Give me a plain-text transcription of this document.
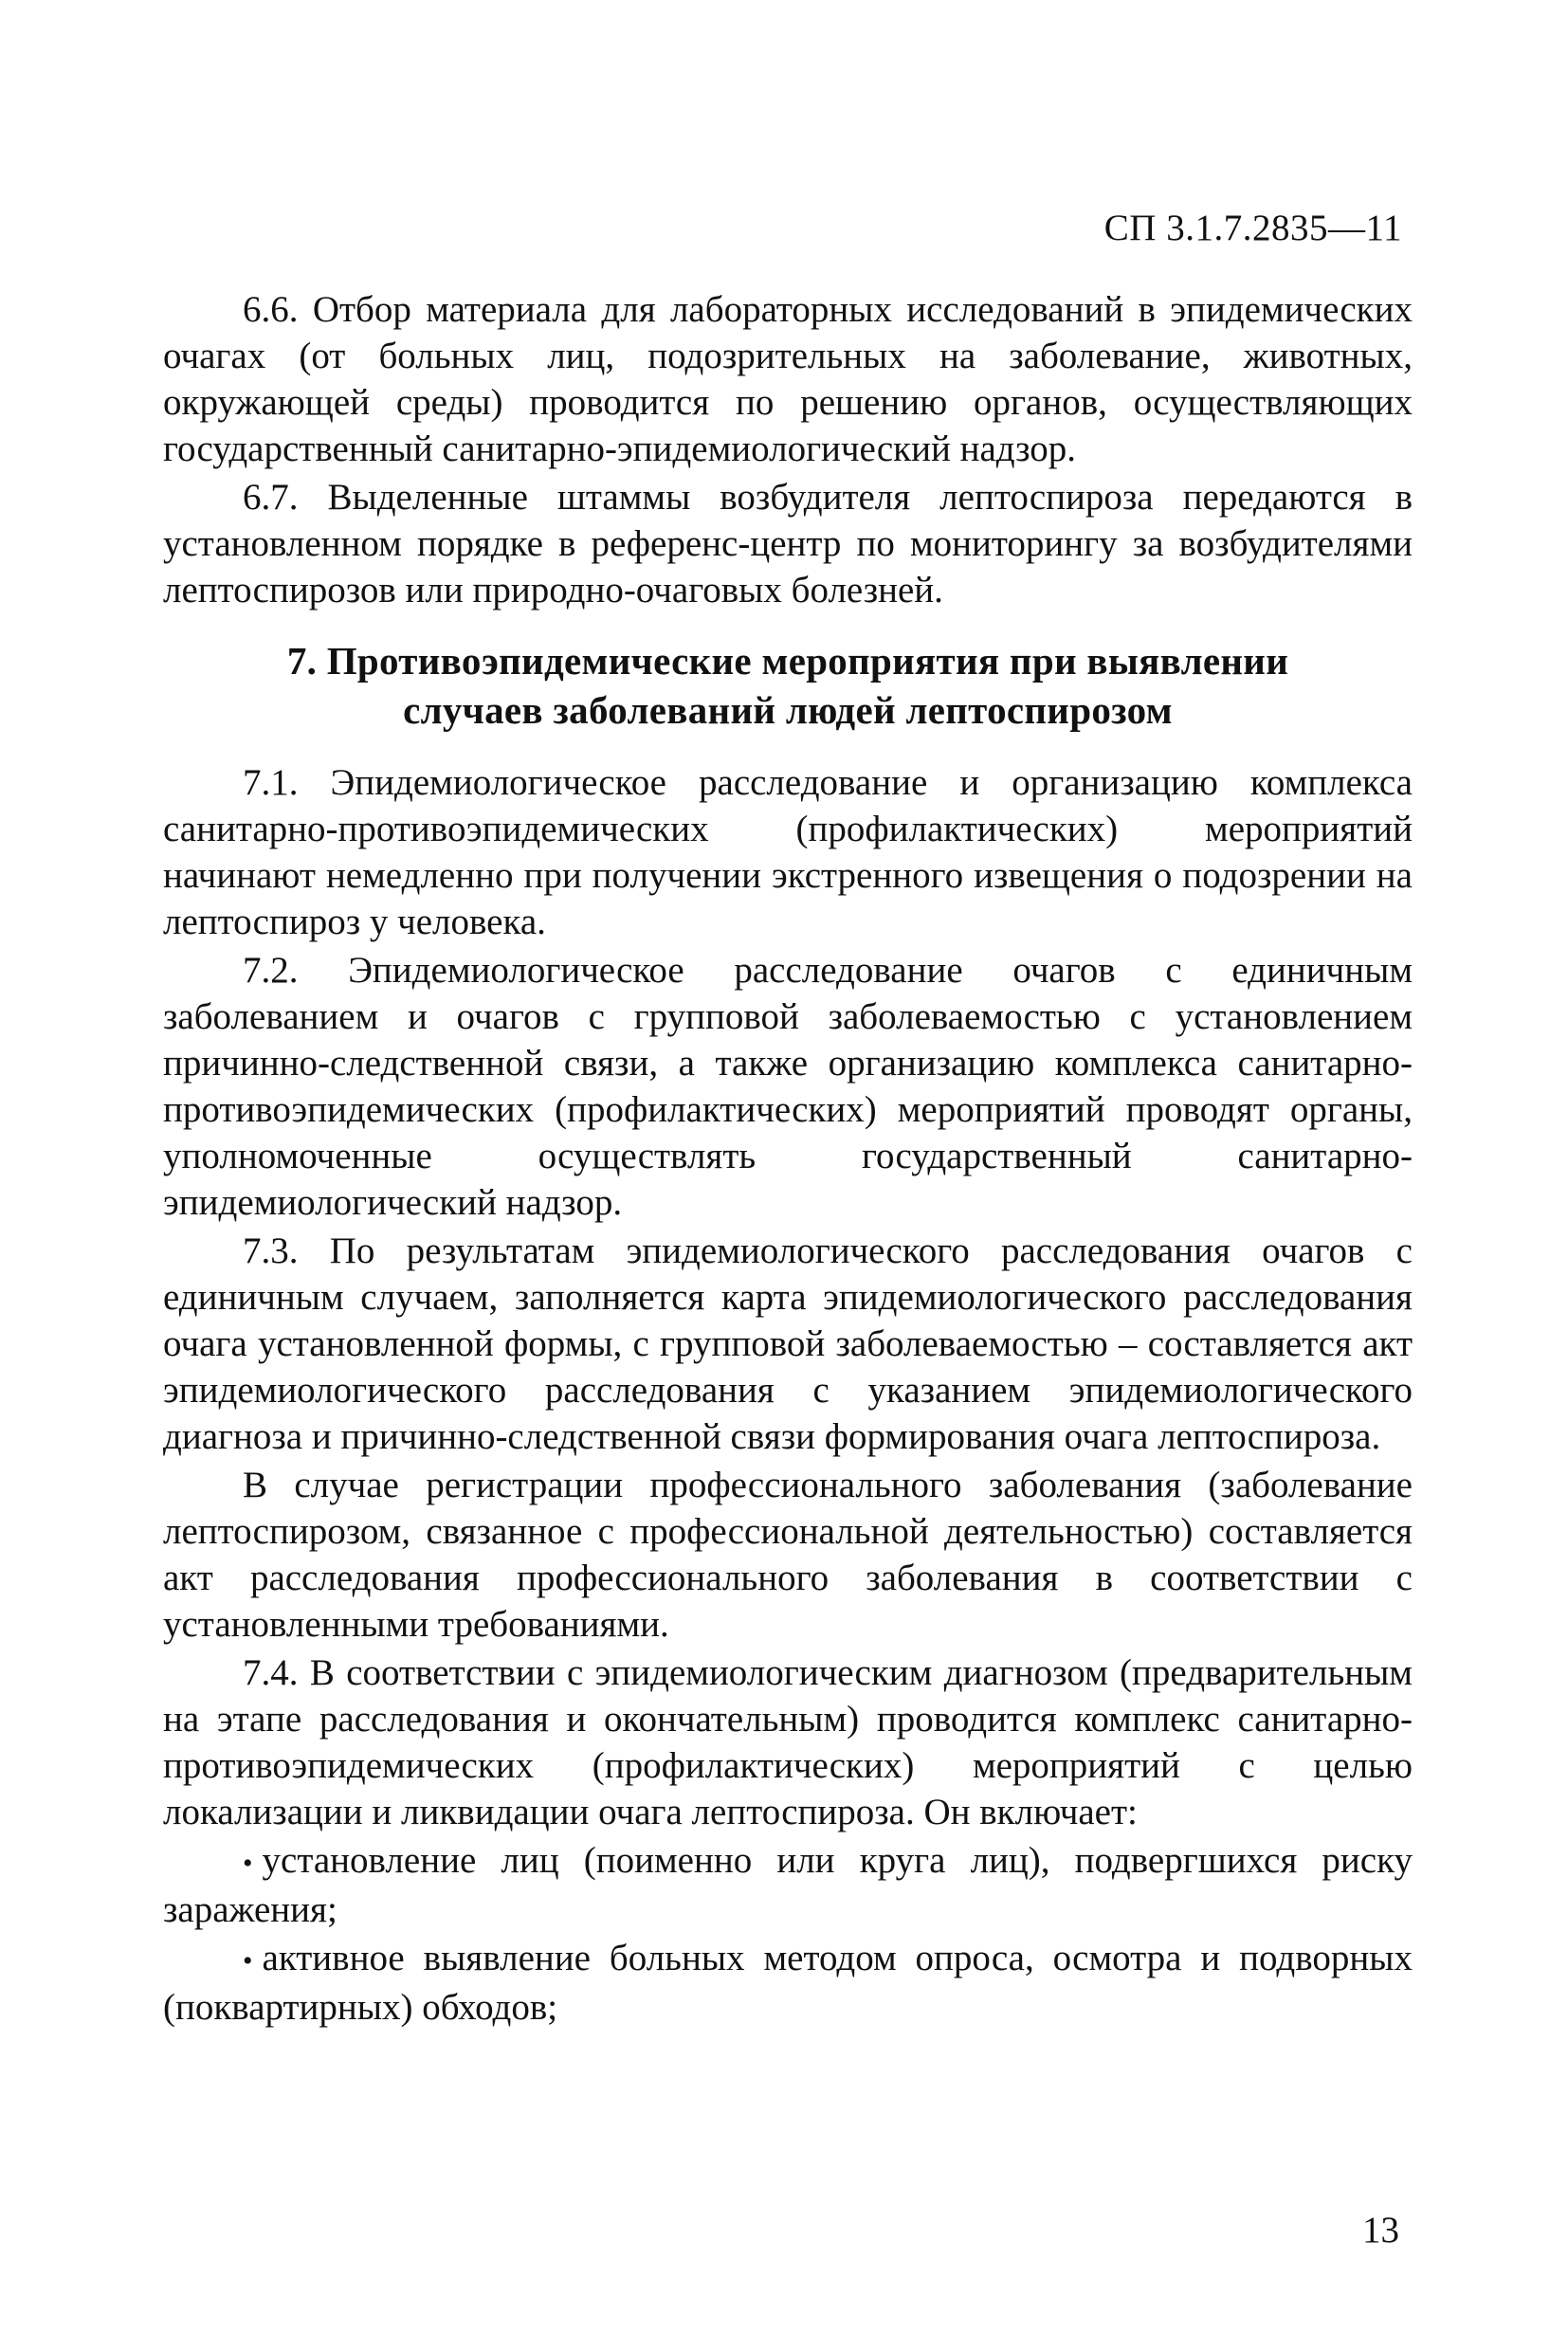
СП 3.1.7.2835—11

6.6. Отбор материала для лабораторных исследований в эпидемических очагах (от больных лиц, подозрительных на заболевание, животных, окружающей среды) проводится по решению органов, осуществляющих государственный санитарно-эпидемиологический надзор.

6.7. Выделенные штаммы возбудителя лептоспироза передаются в установленном порядке в референс-центр по мониторингу за возбудителями лептоспирозов или природно-очаговых болезней.

7. Противоэпидемические мероприятия при выявлении
случаев заболеваний людей лептоспирозом

7.1. Эпидемиологическое расследование и организацию комплекса санитарно-противоэпидемических (профилактических) мероприятий начинают немедленно при получении экстренного извещения о подозрении на лептоспироз у человека.

7.2. Эпидемиологическое расследование очагов с единичным заболеванием и очагов с групповой заболеваемостью с установлением причинно-следственной связи, а также организацию комплекса санитарно-противоэпидемических (профилактических) мероприятий проводят органы, уполномоченные осуществлять государственный санитарно-эпидемиологический надзор.

7.3. По результатам эпидемиологического расследования очагов с единичным случаем, заполняется карта эпидемиологического расследования очага установленной формы, с групповой заболеваемостью – составляется акт эпидемиологического расследования с указанием эпидемиологического диагноза и причинно-следственной связи формирования очага лептоспироза.

В случае регистрации профессионального заболевания (заболевание лептоспирозом, связанное с профессиональной деятельностью) составляется акт расследования профессионального заболевания в соответствии с установленными требованиями.

7.4. В соответствии с эпидемиологическим диагнозом (предварительным на этапе расследования и окончательным) проводится комплекс санитарно-противоэпидемических (профилактических) мероприятий с целью локализации и ликвидации очага лептоспироза. Он включает:

• установление лиц (поименно или круга лиц), подвергшихся риску заражения;
• активное выявление больных методом опроса, осмотра и подворных (поквартирных) обходов;
13
